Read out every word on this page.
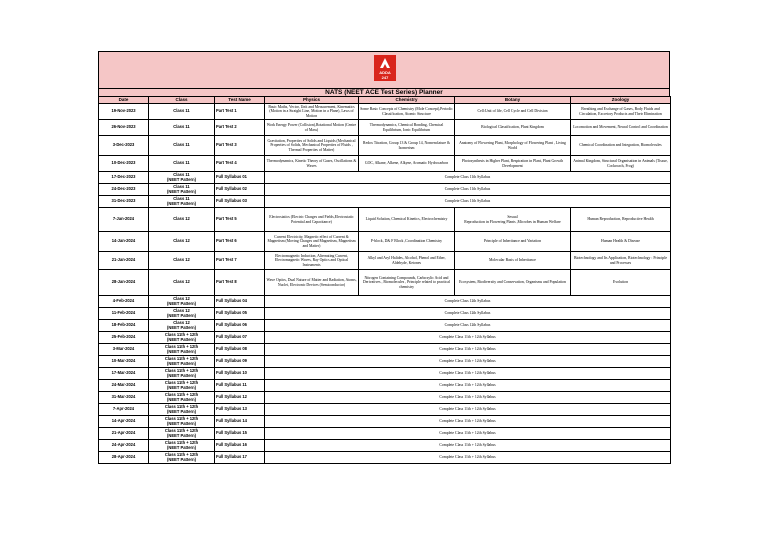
ADDA
247
NATS (NEET ACE Test Series) Planner
Date	Class	Test Name	Physics	Chemistry	Botany	Zoology
19-Nov-2023	Class 11	Part Test 1	Basic Maths, Vector, Unit and Measurement, Kinematics (Motion in a Straight Line, Motion in a Plane), Laws of Motion	Some Basic Concepts of Chemistry (Mole Concept),Periodic Classification, Atomic Structure	Cell:Unit of life, Cell Cycle and Cell Division	Breathing and Exchange of Gases, Body Fluids and Circulation, Excretory Products and Their Elimination
26-Nov-2023	Class 11	Part Test 2	Work Energy Power (Collision),Rotational Motion (Centre of Mass)	Thermodynamics, Chemical Bonding, Chemical Equilibrium, Ionic Equilibrium	Biological Classification, Plant Kingdom	Locomotion and Movement, Neural Control and Coordination
3-Dec-2023	Class 11	Part Test 3	Gravitation, Properties of Solids and Liquids (Mechanical Properties of Solids, Mechanical Properties of Fluids , Thermal Properties of Matter)	Redox Titration, Group 13 & Group 14, Nomenclature & Isomerism	Anatomy of Flowering Plant, Morphology of Flowering Plant , Living World	Chemical Coordination and Integration, Biomolecules
10-Dec-2023	Class 11	Part Test 4	Thermodynamics, Kinetic Theory of Gases, Oscillations & Waves	GOC, Alkane, Alkene, Alkyne, Aromatic Hydrocarbon	Photosynthesis in Higher Plant, Respiration in Plant, Plant Growth Development	Animal Kingdom, Structural Organisation in Animals (Tissue, Cockroach, Frog)
17-Dec-2023	Class 11
(NEET Pattern)	Full Syllabus 01	Complete Class 11th Syllabus			
24-Dec-2023	Class 11
(NEET Pattern)	Full Syllabus 02	Complete Class 11th Syllabus			
31-Dec-2023	Class 11
(NEET Pattern)	Full Syllabus 03	Complete Class 11th Syllabus			
7-Jan-2024	Class 12	Part Test 5	Electrostatics (Electric Charges and Fields,Electrostatic Potential and Capacitance)	Liquid Solution, Chemical Kinetics, Electrochemistry	Sexual
Reproduction in Flowering Plants ,Microbes in Human Welfare	Human Reproduction, Reproductive Health
14-Jan-2024	Class 12	Part Test 6	Current Electricity, Magnetic effect of Current & Magnetism (Moving Charges and Magnetism, Magnetism and Matter)	P-block, D& F Block ,Coordination Chemistry	Principle of Inheritance and Variation	Human Health & Disease
21-Jan-2024	Class 12	Part Test 7	Electromagnetic Induction, Alternating Current, Electromagnetic Waves, Ray Optics and Optical Instruments	Alkyl and Aryl Halides, Alcohol, Phenol and Ether, Aldehyde, Ketones	Molecular Basis of Inheritance	Biotechnology and Its Application, Biotechnology : Principle and Processes
28-Jan-2024	Class 12	Part Test 8	Wave Optics, Dual Nature of Matter and Radiation, Atoms, Nuclei, Electronic Devices (Semiconductor)	Nitrogen Containing Compounds, Carboxylic Acid and Derivatives , Biomolecules , Principle related to practical chemistry	Ecosystem, Biodiversity and Conservation, Organisms and Population	Evolution
4-Feb-2024	Class 12
(NEET Pattern)	Full Syllabus 04	Complete Class 12th Syllabus			
11-Feb-2024	Class 12
(NEET Pattern)	Full Syllabus 05	Complete Class 12th Syllabus			
18-Feb-2024	Class 12
(NEET Pattern)	Full Syllabus 06	Complete Class 12th Syllabus			
25-Feb-2024	Class 11th + 12th
(NEET Pattern)	Full Syllabus 07	Complete Class 11th + 12th Syllabus			
3-Mar-2024	Class 11th + 12th
(NEET Pattern)	Full Syllabus 08	Complete Class 11th + 12th Syllabus			
10-Mar-2024	Class 11th + 12th
(NEET Pattern)	Full Syllabus 09	Complete Class 11th + 12th Syllabus			
17-Mar-2024	Class 11th + 12th
(NEET Pattern)	Full Syllabus 10	Complete Class 11th + 12th Syllabus			
24-Mar-2024	Class 11th + 12th
(NEET Pattern)	Full Syllabus 11	Complete Class 11th + 12th Syllabus			
31-Mar-2024	Class 11th + 12th
(NEET Pattern)	Full Syllabus 12	Complete Class 11th + 12th Syllabus			
7-Apr-2024	Class 11th + 12th
(NEET Pattern)	Full Syllabus 13	Complete Class 11th + 12th Syllabus			
14-Apr-2024	Class 11th + 12th
(NEET Pattern)	Full Syllabus 14	Complete Class 11th + 12th Syllabus			
21-Apr-2024	Class 11th + 12th
(NEET Pattern)	Full Syllabus 15	Complete Class 11th + 12th Syllabus			
24-Apr-2024	Class 11th + 12th
(NEET Pattern)	Full Syllabus 16	Complete Class 11th + 12th Syllabus			
28-Apr-2024	Class 11th + 12th
(NEET Pattern)	Full Syllabus 17	Complete Class 11th + 12th Syllabus			
